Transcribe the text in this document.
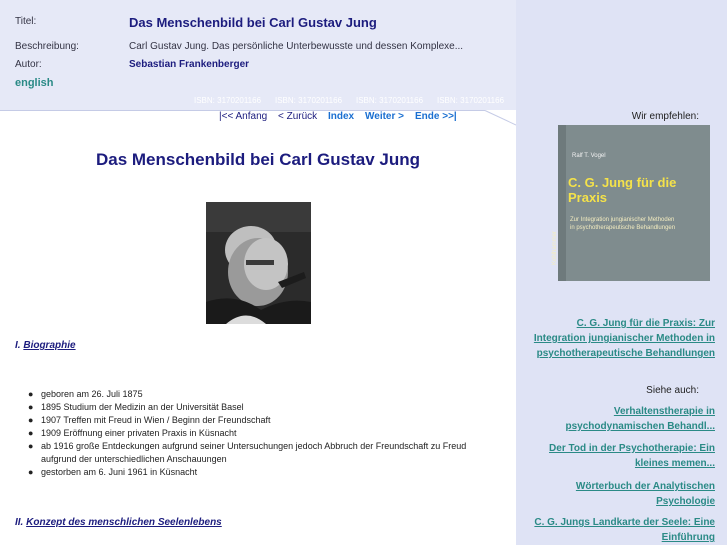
Titel:	Das Menschenbild bei Carl Gustav Jung
Beschreibung:	Carl Gustav Jung. Das persönliche Unterbewusste und dessen Komplexe...
Autor:	Sebastian Frankenberger
english
ISBN: 3170201166 ISBN: 3170201166 ISBN: 3170201166 ISBN: 3170201166
|<< Anfang < Zurück Index Weiter > Ende >>|
Das Menschenbild bei Carl Gustav Jung
I. Biographie
● geboren am 26. Juli 1875
● 1895 Studium der Medizin an der Universität Basel
● 1907 Treffen mit Freud in Wien / Beginn der Freundschaft
● 1909 Eröffnung einer privaten Praxis in Küsnacht
● ab 1916 große Entdeckungen aufgrund seiner Untersuchungen jedoch Abbruch der Freundschaft zu Freud aufgrund der unterschiedlichen Anschauungen
● gestorben am 6. Juni 1961 in Küsnacht
II. Konzept des menschlichen Seelenlebens
Wir empfehlen:
Ralf T. Vogel
C. G. Jung für die Praxis
Zur Integration jungianischer Methoden in psychotherapeutische Behandlungen
Kohlhammer
C. G. Jung für die Praxis: Zur Integration jungianischer Methoden in psychotherapeutische Behandlungen
Siehe auch:
Verhaltenstherapie in psychodynamischen Behandl...
Der Tod in der Psychotherapie: Ein kleines memen...
Wörterbuch der Analytischen Psychologie
C. G. Jungs Landkarte der Seele: Eine Einführung
